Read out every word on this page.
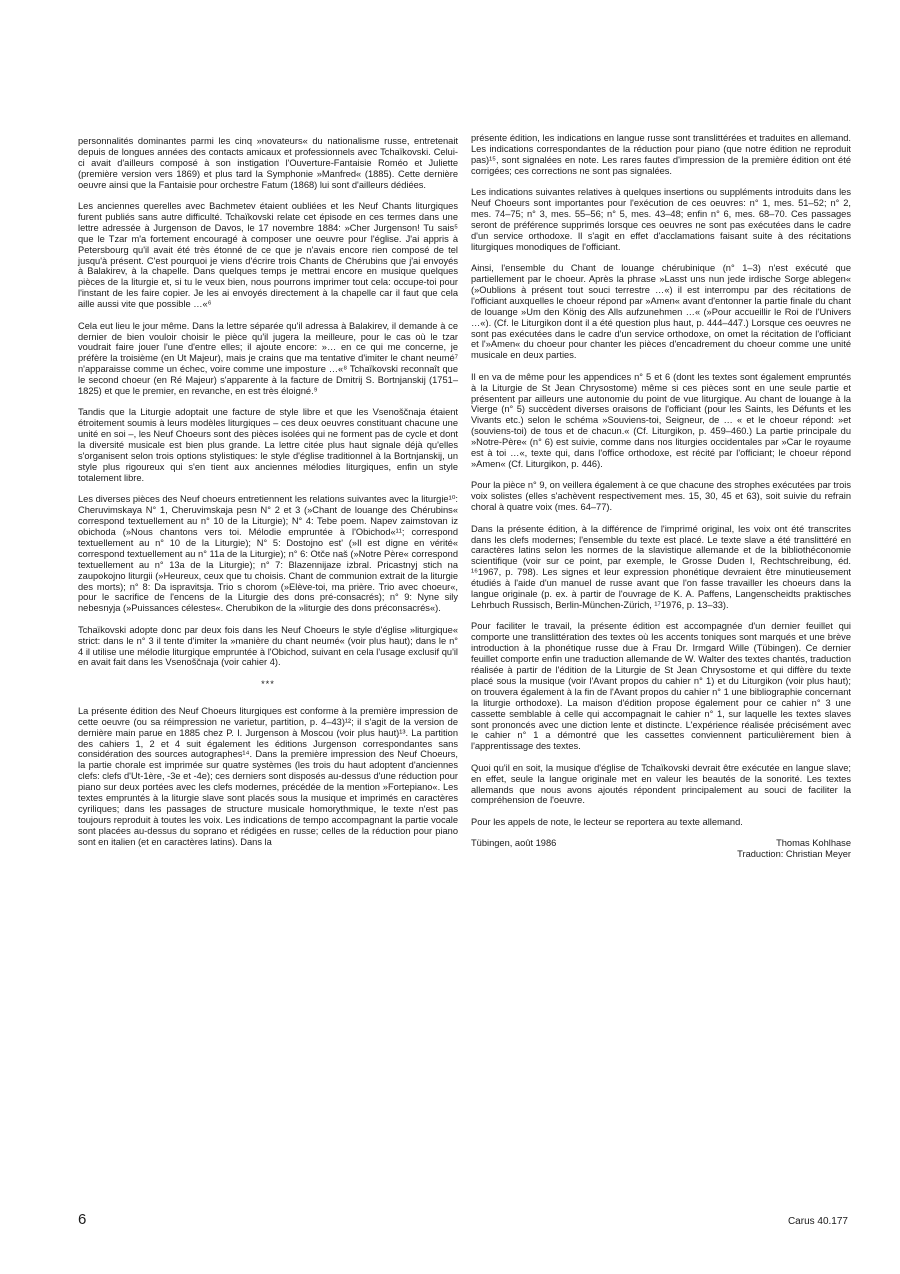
personnalités dominantes parmi les cinq »novateurs« du nationalisme russe, entretenait depuis de longues années des contacts amicaux et professionnels avec Tchaïkovski. Celui-ci avait d'ailleurs composé à son instigation l'Ouverture-Fantaisie Roméo et Juliette (première version vers 1869) et plus tard la Symphonie »Manfred« (1885). Cette dernière oeuvre ainsi que la Fantaisie pour orchestre Fatum (1868) lui sont d'ailleurs dédiées.

Les anciennes querelles avec Bachmetev étaient oubliées et les Neuf Chants liturgiques furent publiés sans autre difficulté. Tchaïkovski relate cet épisode en ces termes dans une lettre adressée à Jurgenson de Davos, le 17 novembre 1884: »Cher Jurgenson! Tu sais⁵ que le Tzar m'a fortement encouragé à composer une oeuvre pour l'église. J'ai appris à Petersbourg qu'il avait été très étonné de ce que je n'avais encore rien composé de tel jusqu'à présent. C'est pourquoi je viens d'écrire trois Chants de Chérubins que j'ai envoyés à Balakirev, à la chapelle. Dans quelques temps je mettrai encore en musique quelques pièces de la liturgie et, si tu le veux bien, nous pourrons imprimer tout cela: occupe-toi pour l'instant de les faire copier. Je les ai envoyés directement à la chapelle car il faut que cela aille aussi vite que possible …«⁶

Cela eut lieu le jour même. Dans la lettre séparée qu'il adressa à Balakirev, il demande à ce dernier de bien vouloir choisir le pièce qu'il jugera la meilleure, pour le cas où le tzar voudrait faire jouer l'une d'entre elles; il ajoute encore: »… en ce qui me concerne, je préfère la troisième (en Ut Majeur), mais je crains que ma tentative d'imiter le chant neumé⁷ n'apparaisse comme un échec, voire comme une imposture …«⁸ Tchaïkovski reconnaît que le second choeur (en Ré Majeur) s'apparente à la facture de Dmitrij S. Bortnjanskij (1751–1825) et que le premier, en revanche, en est très éloigné.⁹

Tandis que la Liturgie adoptait une facture de style libre et que les Vsenoščnaja étaient étroitement soumis à leurs modèles liturgiques – ces deux oeuvres constituant chacune une unité en soi –, les Neuf Choeurs sont des pièces isolées qui ne forment pas de cycle et dont la diversité musicale est bien plus grande. La lettre citée plus haut signale déjà qu'elles s'organisent selon trois options stylistiques: le style d'église traditionnel à la Bortnjanskij, un style plus rigoureux qui s'en tient aux anciennes mélodies liturgiques, enfin un style totalement libre.

Les diverses pièces des Neuf choeurs entretiennent les relations suivantes avec la liturgie¹⁰: Cheruvimskaya N° 1, Cheruvimskaja pesn N° 2 et 3 (»Chant de louange des Chérubins« correspond textuellement au n° 10 de la Liturgie); N° 4: Tebe poem. Napev zaimstovan iz obichoda (»Nous chantons vers toi. Mélodie empruntée à l'Obichod«¹¹; correspond textuellement au n° 10 de la Liturgie); N° 5: Dostojno est' (»Il est digne en vérité« correspond textuellement au n° 11a de la Liturgie); n° 6: Otče naš (»Notre Père« correspond textuellement au n° 13a de la Liturgie); n° 7: Blazennijaze izbral. Pricastnyj stich na zaupokojno liturgii (»Heureux, ceux que tu choisis. Chant de communion extrait de la liturgie des morts); n° 8: Da ispravitsja. Trio s chorom (»Elève-toi, ma prière. Trio avec choeur«, pour le sacrifice de l'encens de la Liturgie des dons pré-consacrés); n° 9: Nyne sily nebesnyja (»Puissances célestes«. Cherubikon de la »liturgie des dons préconsacrés«).

Tchaïkovski adopte donc par deux fois dans les Neuf Choeurs le style d'église »liturgique« strict: dans le n° 3 il tente d'imiter la »manière du chant neumé« (voir plus haut); dans le n° 4 il utilise une mélodie liturgique empruntée à l'Obichod, suivant en cela l'usage exclusif qu'il en avait fait dans les Vsenoščnaja (voir cahier 4).

***

La présente édition des Neuf Choeurs liturgiques est conforme à la première impression de cette oeuvre (ou sa réimpression ne varietur, partition, p. 4–43)¹²; il s'agit de la version de dernière main parue en 1885 chez P. I. Jurgenson à Moscou (voir plus haut)¹³. La partition des cahiers 1, 2 et 4 suit également les éditions Jurgenson correspondantes sans considération des sources autographes¹⁴. Dans la première impression des Neuf Choeurs, la partie chorale est imprimée sur quatre systèmes (les trois du haut adoptent d'anciennes clefs: clefs d'Ut-1ère, -3e et -4e); ces derniers sont disposés au-dessus d'une réduction pour piano sur deux portées avec les clefs modernes, précédée de la mention »Fortepiano«. Les textes empruntés à la liturgie slave sont placés sous la musique et imprimés en caractères cyriliques; dans les passages de structure musicale homorythmique, le texte n'est pas toujours reproduit à toutes les voix. Les indications de tempo accompagnant la partie vocale sont placées au-dessus du soprano et rédigées en russe; celles de la réduction pour piano sont en italien (et en caractères latins). Dans la

présente édition, les indications en langue russe sont translittérées et traduites en allemand. Les indications correspondantes de la réduction pour piano (que notre édition ne reproduit pas)¹⁵, sont signalées en note. Les rares fautes d'impression de la première édition ont été corrigées; ces corrections ne sont pas signalées.

Les indications suivantes relatives à quelques insertions ou suppléments introduits dans les Neuf Choeurs sont importantes pour l'exécution de ces oeuvres: n° 1, mes. 51–52; n° 2, mes. 74–75; n° 3, mes. 55–56; n° 5, mes. 43–48; enfin n° 6, mes. 68–70. Ces passages seront de préférence supprimés lorsque ces oeuvres ne sont pas exécutées dans le cadre d'un service orthodoxe. Il s'agit en effet d'acclamations faisant suite à des récitations liturgiques monodiques de l'officiant.

Ainsi, l'ensemble du Chant de louange chérubinique (n° 1–3) n'est exécuté que partiellement par le choeur. Après la phrase »Lasst uns nun jede irdische Sorge ablegen« (»Oublions à présent tout souci terrestre …«) il est interrompu par des récitations de l'officiant auxquelles le choeur répond par »Amen« avant d'entonner la partie finale du chant de louange »Um den König des Alls aufzunehmen …« (»Pour accueillir le Roi de l'Univers …«). (Cf. le Liturgikon dont il a été question plus haut, p. 444–447.) Lorsque ces oeuvres ne sont pas exécutées dans le cadre d'un service orthodoxe, on omet la récitation de l'officiant et l'»Amen« du choeur pour chanter les pièces d'encadrement du choeur comme une unité musicale en deux parties.

Il en va de même pour les appendices n° 5 et 6 (dont les textes sont également empruntés à la Liturgie de St Jean Chrysostome) même si ces pièces sont en une seule partie et présentent par ailleurs une autonomie du point de vue liturgique. Au chant de louange à la Vierge (n° 5) succèdent diverses oraisons de l'officiant (pour les Saints, les Défunts et les Vivants etc.) selon le schéma »Souviens-toi, Seigneur, de … « et le choeur répond: »et (souviens-toi) de tous et de chacun.« (Cf. Liturgikon, p. 459–460.) La partie principale du »Notre-Père« (n° 6) est suivie, comme dans nos liturgies occidentales par »Car le royaume est à toi …«, texte qui, dans l'office orthodoxe, est récité par l'officiant; le choeur répond »Amen« (Cf. Liturgikon, p. 446).

Pour la pièce n° 9, on veillera également à ce que chacune des strophes exécutées par trois voix solistes (elles s'achèvent respectivement mes. 15, 30, 45 et 63), soit suivie du refrain choral à quatre voix (mes. 64–77).

Dans la présente édition, à la différence de l'imprimé original, les voix ont été transcrites dans les clefs modernes; l'ensemble du texte est placé. Le texte slave a été translittéré en caractères latins selon les normes de la slavistique allemande et de la bibliothéconomie scientifique (voir sur ce point, par exemple, le Grosse Duden I, Rechtschreibung, éd. ¹⁶1967, p. 798). Les signes et leur expression phonétique devraient être minutieusement étudiés à l'aide d'un manuel de russe avant que l'on fasse travailler les choeurs dans la langue originale (p. ex. à partir de l'ouvrage de K. A. Paffens, Langenscheidts praktisches Lehrbuch Russisch, Berlin-München-Zürich, ¹⁷1976, p. 13–33).

Pour faciliter le travail, la présente édition est accompagnée d'un dernier feuillet qui comporte une translittération des textes où les accents toniques sont marqués et une brève introduction à la phonétique russe due à Frau Dr. Irmgard Wille (Tübingen). Ce dernier feuillet comporte enfin une traduction allemande de W. Walter des textes chantés, traduction réalisée à partir de l'édition de la Liturgie de St Jean Chrysostome et qui diffère du texte placé sous la musique (voir l'Avant propos du cahier n° 1) et du Liturgikon (voir plus haut); on trouvera également à la fin de l'Avant propos du cahier n° 1 une bibliographie concernant la liturgie orthodoxe). La maison d'édition propose également pour ce cahier n° 3 une cassette semblable à celle qui accompagnait le cahier n° 1, sur laquelle les textes slaves sont prononcés avec une diction lente et distincte. L'expérience réalisée précisément avec le cahier n° 1 a démontré que les cassettes conviennent particulièrement bien à l'apprentissage des textes.

Quoi qu'il en soit, la musique d'église de Tchaïkovski devrait être exécutée en langue slave; en effet, seule la langue originale met en valeur les beautés de la sonorité. Les textes allemands que nous avons ajoutés répondent principalement au souci de faciliter la compréhension de l'oeuvre.

Pour les appels de note, le lecteur se reportera au texte allemand.

Tübingen, août 1986	Thomas Kohlhase
Traduction: Christian Meyer
6	Carus 40.177
